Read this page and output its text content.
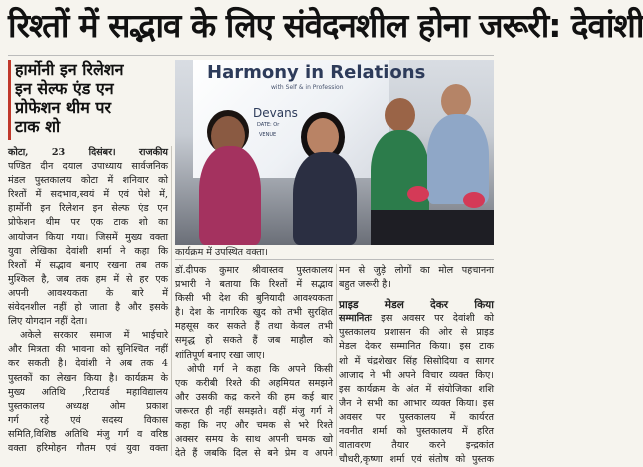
रिश्तों में सद्भाव के लिए संवेदनशील होना जरूरी: देवांशी
हार्मोनी इन रिलेशन
इन सेल्फ एंड एन
प्रोफेशन थीम पर
टाक शो
Harmony in Relations
with Self & in Profession
Devans
DATE: Or
VENUE
कार्यक्रम में उपस्थित वक्ता।
कोटा, 23 दिसंबर। राजकीय
पण्डित दीन दयाल उपाध्याय सार्वजनिक
मंडल पुस्तकालय कोटा में शनिवार को
रिश्तों में सदभाव,स्वयं में एवं पेशे में,
हार्मोनी इन रिलेशन इन सेल्फ एंड एन
प्रोफेशन थीम पर एक टाक शो का
आयोजन किया गया। जिसमें मुख्य वक्ता
युवा लेखिका देवांशी शर्मा ने कहा कि
रिश्तों में सद्भाव बनाए रखना तब तक
मुश्किल है, जब तक हम में से हर एक
अपनी आवश्यकता के बारे में
संवेदनशील नहीं हो जाता है और इसके
लिए योगदान नहीं देता।
अकेले सरकार समाज में भाईचारे
और मित्रता की भावना को सुनिश्चित नहीं
कर सकती है। देवांशी ने अब तक 4
पुस्तकों का लेखन किया है। कार्यक्रम के
मुख्य अतिथि ,रिटायर्ड महाविद्यालय
पुस्तकालय अध्यक्ष ओम प्रकाश
गर्ग रहे एवं सदस्य विकास
समिति,विशिष्ठ अतिथि मंजु गर्ग व वरिष्ठ
वक्ता हरिमोहन गौतम एवं युवा वक्ता
डॉ.दीपक कुमार श्रीवास्तव पुस्तकालय
प्रभारी ने बताया कि रिश्तों में सद्भाव
किसी भी देश की बुनियादी आवश्यकता
है। देश के नागरिक खुद को तभी सुरक्षित
महसूस कर सकते हैं तथा केवल तभी
समृद्ध हो सकते हैं जब माहौल को
शांतिपूर्ण बनाए रखा जाए।
ओपी गर्ग ने कहा कि अपने किसी
एक करीबी रिश्ते की अहमियत समझने
और उसकी कद्र करने की हम कई बार
जरूरत ही नहीं समझते। वहीं मंजु गर्ग ने
कहा कि नए और चमक से भरे रिश्ते
अक्सर समय के साथ अपनी चमक खो
देते हैं जबकि दिल से बने प्रेम व अपने
मन से जुड़े लोगों का मोल पहचानना
बहुत जरूरी है।
प्राइड मेडल देकर किया
सम्मानितः इस अवसर पर देवांशी को
पुस्तकालय प्रशासन की ओर से प्राइड
मेडल देकर सम्मानित किया। इस टाक
शो में चंद्रशेखर सिंह सिसोदिया व सागर
आजाद ने भी अपने विचार व्यक्त किए।
इस कार्यक्रम के अंत में संयोजिका शशि
जैन ने सभी का आभार व्यक्त किया। इस
अवसर पर पुस्तकालय में कार्यरत
नवनीत शर्मा को पुस्तकालय में हरित
वातावरण तैयार करने इन्द्रकांत
चौधरी,कृष्णा शर्मा एवं संतोष को पुस्तक
